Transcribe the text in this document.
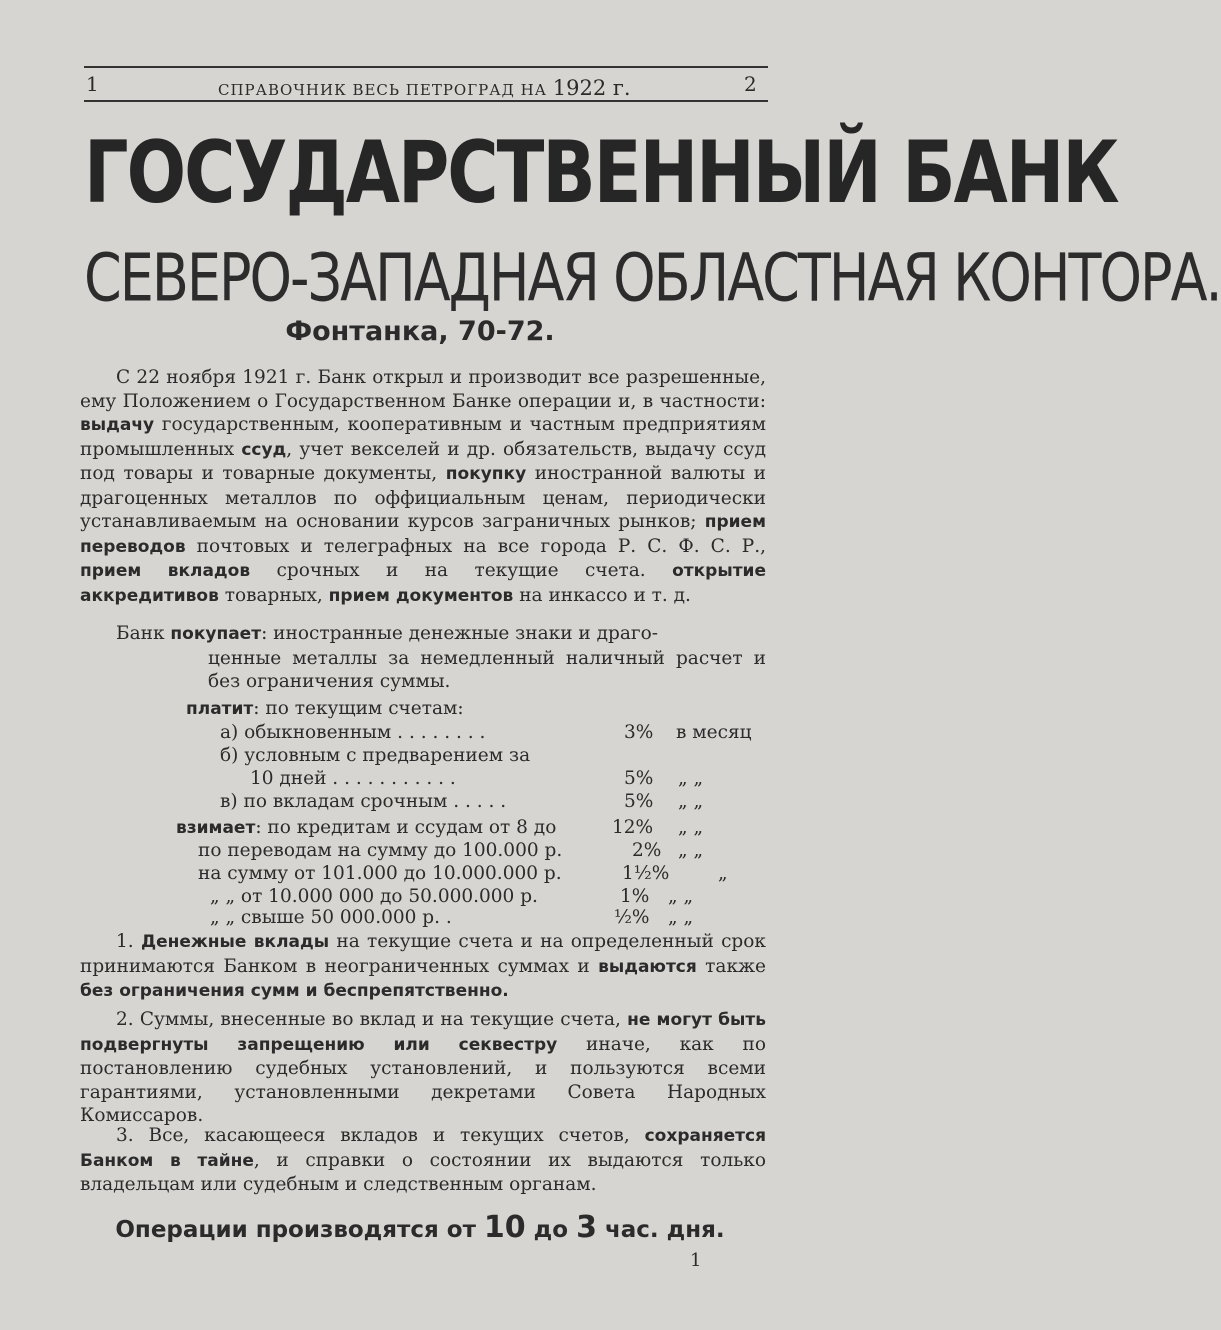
1	СПРАВОЧНИК ВЕСЬ ПЕТРОГРАД НА 1922 г.	2
ГОСУДАРСТВЕННЫЙ БАНК
СЕВЕРО-ЗАПАДНАЯ ОБЛАСТНАЯ КОНТОРА.
Фонтанка, 70-72.
С 22 ноября 1921 г. Банк открыл и производит все разрешенные, ему Положением о Государственном Банке операции и, в частности: выдачу государственным, кооперативным и частным предприятиям промышленных ссуд, учет векселей и др. обязательств, выдачу ссуд под товары и товарные документы, покупку иностранной валюты и драгоценных металлов по оффициальным ценам, периодически устанавливаемым на основании курсов заграничных рынков; прием переводов почтовых и телеграфных на все города Р. С. Ф. С. Р., прием вкладов срочных и на текущие счета. открытие аккредитивов товарных, прием документов на инкассо и т. д.
Банк покупает: иностранные денежные знаки и драго-
ценные металлы за немедленный наличный расчет и без ограничения суммы.
платит: по текущим счетам:
а) обыкновенным . . . . . . . .	3% в месяц
б) условным с предварением за
10 дней . . . . . . . . . . .	5% „ „
в) по вкладам срочным . . . . .	5% „ „
взимает: по кредитам и ссудам от 8 до	12% „ „
по переводам на сумму до 100.000 р.	2% „ „
на сумму от 101.000 до 10.000.000 р.	1½%	„
„ „ от 10.000 000 до 50.000.000 р.	1% „ „
„ „ свыше 50 000.000 р. .	½% „ „
1. Денежные вклады на текущие счета и на определенный срок принимаются Банком в неограниченных суммах и выдаются также без ограничения сумм и беспрепятственно.
2. Суммы, внесенные во вклад и на текущие счета, не могут быть подвергнуты запрещению или секвестру иначе, как по постановлению судебных установлений, и пользуются всеми гарантиями, установленными декретами Совета Народных Комиссаров.
3. Все, касающееся вкладов и текущих счетов, сохраняется Банком в тайне, и справки о состоянии их выдаются только владельцам или судебным и следственным органам.
Операции производятся от 10 до 3 час. дня.
1
